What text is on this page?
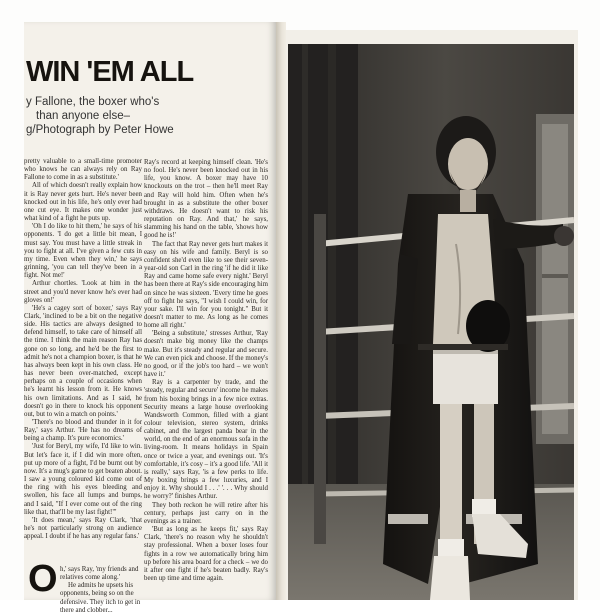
WIN 'EM ALL
y Fallone, the boxer who's
than anyone else–
g/Photograph by Peter Howe

pretty valuable to a small-time promoter who knows he can always rely on Ray Fallone to come in as a substitute.'

All of which doesn't really explain how it is Ray never gets hurt. He's never been knocked out in his life, he's only ever had one cut eye. It makes one wonder just what kind of a fight he puts up.

'Oh I do like to hit them,' he says of his opponents. 'I do get a little bit mean, I must say. You must have a little streak in you to fight at all. I've given a few cuts in my time. Even when they win,' he says grinning, 'you can tell they've been in a fight. Not me!'

Arthur chortles. 'Look at him in the street and you'd never know he's ever had gloves on!'

'He's a cagey sort of boxer,' says Ray Clark, 'inclined to be a bit on the negative side. His tactics are always designed to defend himself, to take care of himself all the time. I think the main reason Ray has gone on so long, and he'd be the first to admit he's not a champion boxer, is that he has always been kept in his own class. He has never been over-matched, except perhaps on a couple of occasions when he's learnt his lesson from it. He knows his own limitations. And as I said, he doesn't go in there to knock his opponent out, but to win a match on points.'

'There's no blood and thunder in it for Ray,' says Arthur. 'He has no dreams of being a champ. It's pure economics.'

'Just for Beryl, my wife, I'd like to win. But let's face it, if I did win more often, put up more of a fight, I'd be burnt out by now. It's a mug's game to get beaten about. I saw a young coloured kid come out of the ring with his eyes bleeding and swollen, his face all lumps and bumps, and I said, "If I ever come out of the ring like that, that'll be my last fight!"'

'It does mean,' says Ray Clark, 'that he's not particularly strong on audience appeal. I doubt if he has any regular fans.'

O h,' says Ray, 'my friends and relatives come along.'

He admits he upsets his opponents, being so on the defensive. They itch to get in there and clobber...

Ray's record at keeping himself clean. 'He's no fool. He's never been knocked out in his life, you know. A boxer may have 10 knockouts on the trot – then he'll meet Ray and Ray will hold him. Often when he's brought in as a substitute the other boxer withdraws. He doesn't want to risk his reputation on Ray. And that,' he says, slamming his hand on the table, 'shows how good he is!'

The fact that Ray never gets hurt makes it easy on his wife and family. Beryl is so confident she'd even like to see their seven-year-old son Carl in the ring 'if he did it like Ray and came home safe every night.' Beryl has been there at Ray's side encouraging him on since he was sixteen. 'Every time he goes off to fight he says, "I wish I could win, for your sake. I'll win for you tonight." But it doesn't matter to me. As long as he comes home all right.'

'Being a substitute,' stresses Arthur, 'Ray doesn't make big money like the champs make. But it's steady and regular and secure. We can even pick and choose. If the money's no good, or if the job's too hard – we won't have it.'

Ray is a carpenter by trade, and the 'steady, regular and secure' income he makes from his boxing brings in a few nice extras. Security means a large house overlooking Wandsworth Common, filled with a giant colour television, stereo system, drinks cabinet, and the largest panda bear in the world, on the end of an enormous sofa in the living-room. It means holidays in Spain once or twice a year, and evenings out. 'It's comfortable, it's cosy – it's a good life. 'All it is really,' says Ray, 'is a few perks to life. My boxing brings a few luxuries, and I enjoy it. Why should I . . .' '. . . Why should he worry?' finishes Arthur.

They both reckon he will retire after his century, perhaps just carry on in the evenings as a trainer.

'But as long as he keeps fit,' says Ray Clark, 'there's no reason why he shouldn't stay professional. When a boxer loses four fights in a row we automatically bring him up before his area board for a check – we do it after one fight if he's beaten badly. Ray's been up time and time again.
